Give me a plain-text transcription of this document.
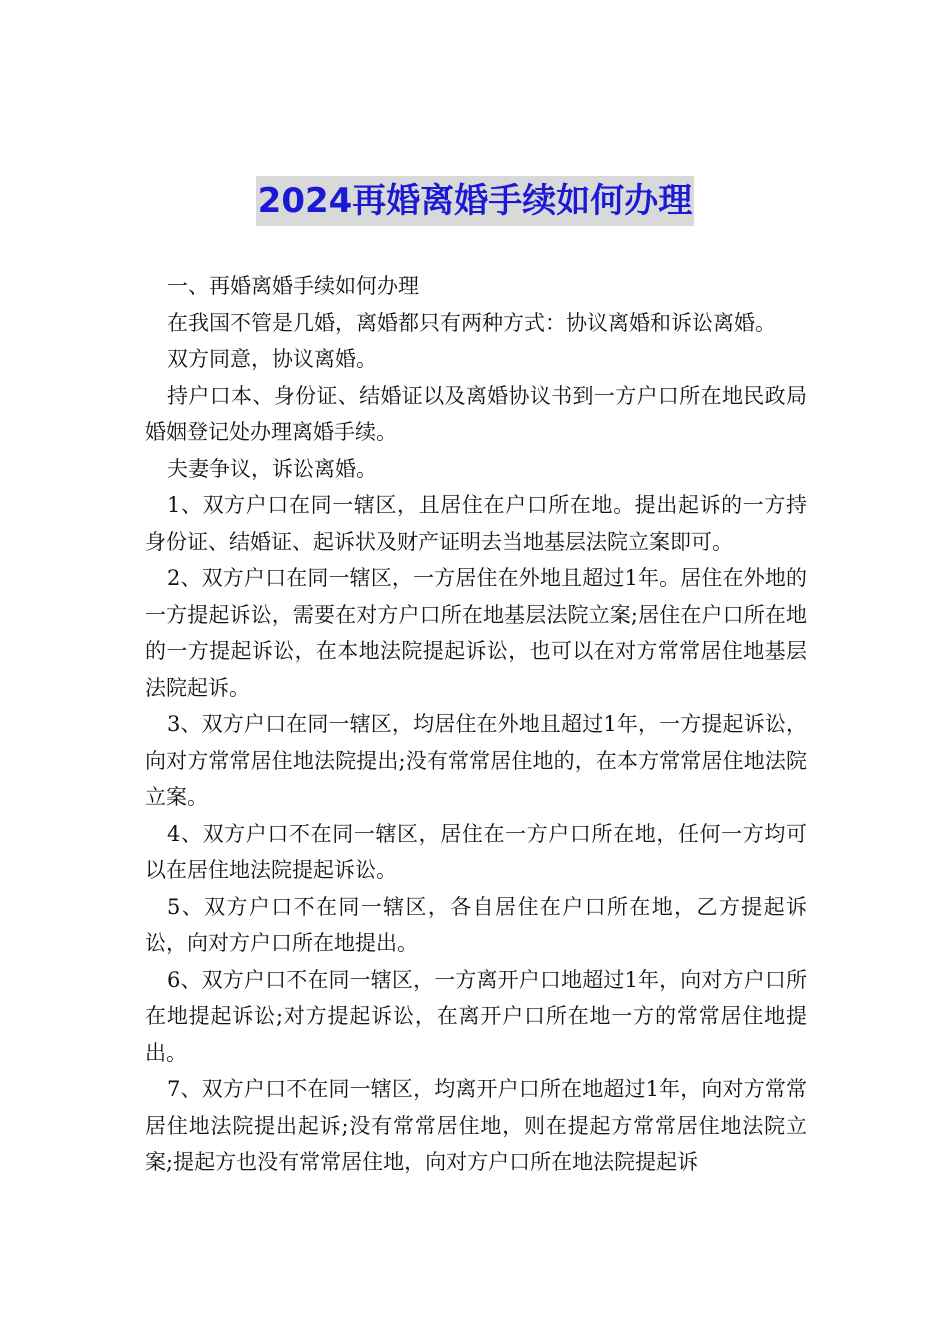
2024再婚离婚手续如何办理

一、再婚离婚手续如何办理

在我国不管是几婚，离婚都只有两种方式：协议离婚和诉讼离婚。

双方同意，协议离婚。

持户口本、身份证、结婚证以及离婚协议书到一方户口所在地民政局婚姻登记处办理离婚手续。

夫妻争议，诉讼离婚。

1、双方户口在同一辖区，且居住在户口所在地。提出起诉的一方持身份证、结婚证、起诉状及财产证明去当地基层法院立案即可。

2、双方户口在同一辖区，一方居住在外地且超过1年。居住在外地的一方提起诉讼，需要在对方户口所在地基层法院立案;居住在户口所在地的一方提起诉讼，在本地法院提起诉讼，也可以在对方常常居住地基层法院起诉。

3、双方户口在同一辖区，均居住在外地且超过1年，一方提起诉讼，向对方常常居住地法院提出;没有常常居住地的，在本方常常居住地法院立案。

4、双方户口不在同一辖区，居住在一方户口所在地，任何一方均可以在居住地法院提起诉讼。

5、双方户口不在同一辖区，各自居住在户口所在地，乙方提起诉讼，向对方户口所在地提出。

6、双方户口不在同一辖区，一方离开户口地超过1年，向对方户口所在地提起诉讼;对方提起诉讼，在离开户口所在地一方的常常居住地提出。

7、双方户口不在同一辖区，均离开户口所在地超过1年，向对方常常居住地法院提出起诉;没有常常居住地，则在提起方常常居住地法院立案;提起方也没有常常居住地，向对方户口所在地法院提起诉
